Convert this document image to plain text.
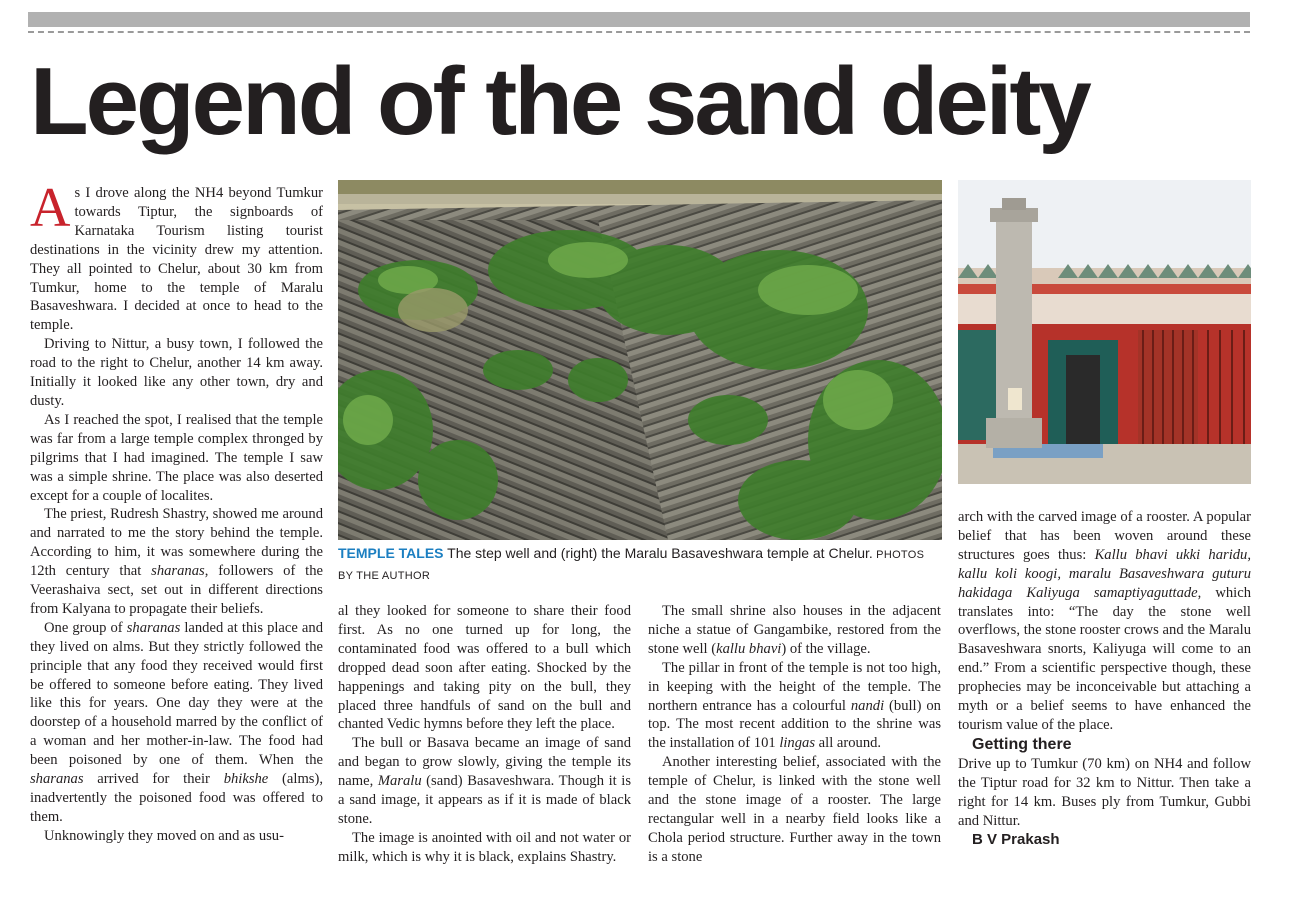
Legend of the sand deity

As I drove along the NH4 beyond Tumkur towards Tiptur, the signboards of Karnataka Tourism listing tourist destinations in the vicinity drew my attention. They all pointed to Chelur, about 30 km from Tumkur, home to the temple of Maralu Basaveshwara. I decided at once to head to the temple.

Driving to Nittur, a busy town, I followed the road to the right to Chelur, another 14 km away. Initially it looked like any other town, dry and dusty.

As I reached the spot, I realised that the temple was far from a large temple complex thronged by pilgrims that I had imagined. The temple I saw was a simple shrine. The place was also deserted except for a couple of localites.

The priest, Rudresh Shastry, showed me around and narrated to me the story behind the temple. According to him, it was somewhere during the 12th century that sharanas, followers of the Veerashaiva sect, set out in different directions from Kalyana to propagate their beliefs.

One group of sharanas landed at this place and they lived on alms. But they strictly followed the principle that any food they received would first be offered to someone before eating. They lived like this for years. One day they were at the doorstep of a household marred by the conflict of a woman and her mother-in-law. The food had been poisoned by one of them. When the sharanas arrived for their bhikshe (alms), inadvertently the poisoned food was offered to them.

Unknowingly they moved on and as usu-

TEMPLE TALES The step well and (right) the Maralu Basaveshwara temple at Chelur. PHOTOS BY THE AUTHOR

al they looked for someone to share their food first. As no one turned up for long, the contaminated food was offered to a bull which dropped dead soon after eating. Shocked by the happenings and taking pity on the bull, they placed three handfuls of sand on the bull and chanted Vedic hymns before they left the place.

The bull or Basava became an image of sand and began to grow slowly, giving the temple its name, Maralu (sand) Basaveshwara. Though it is a sand image, it appears as if it is made of black stone.

The image is anointed with oil and not water or milk, which is why it is black, explains Shastry.

The small shrine also houses in the adjacent niche a statue of Gangambike, restored from the stone well (kallu bhavi) of the village.

The pillar in front of the temple is not too high, in keeping with the height of the temple. The northern entrance has a colourful nandi (bull) on top. The most recent addition to the shrine was the installation of 101 lingas all around.

Another interesting belief, associated with the temple of Chelur, is linked with the stone well and the stone image of a rooster. The large rectangular well in a nearby field looks like a Chola period structure. Further away in the town is a stone

arch with the carved image of a rooster. A popular belief that has been woven around these structures goes thus: Kallu bhavi ukki haridu, kallu koli koogi, maralu Basaveshwara guturu hakidaga Kaliyuga samaptiyaguttade, which translates into: “The day the stone well overflows, the stone rooster crows and the Maralu Basaveshwara snorts, Kaliyuga will come to an end.” From a scientific perspective though, these prophecies may be inconceivable but attaching a myth or a belief seems to have enhanced the tourism value of the place.

Getting there

Drive up to Tumkur (70 km) on NH4 and follow the Tiptur road for 32 km to Nittur. Then take a right for 14 km. Buses ply from Tumkur, Gubbi and Nittur.

B V Prakash
